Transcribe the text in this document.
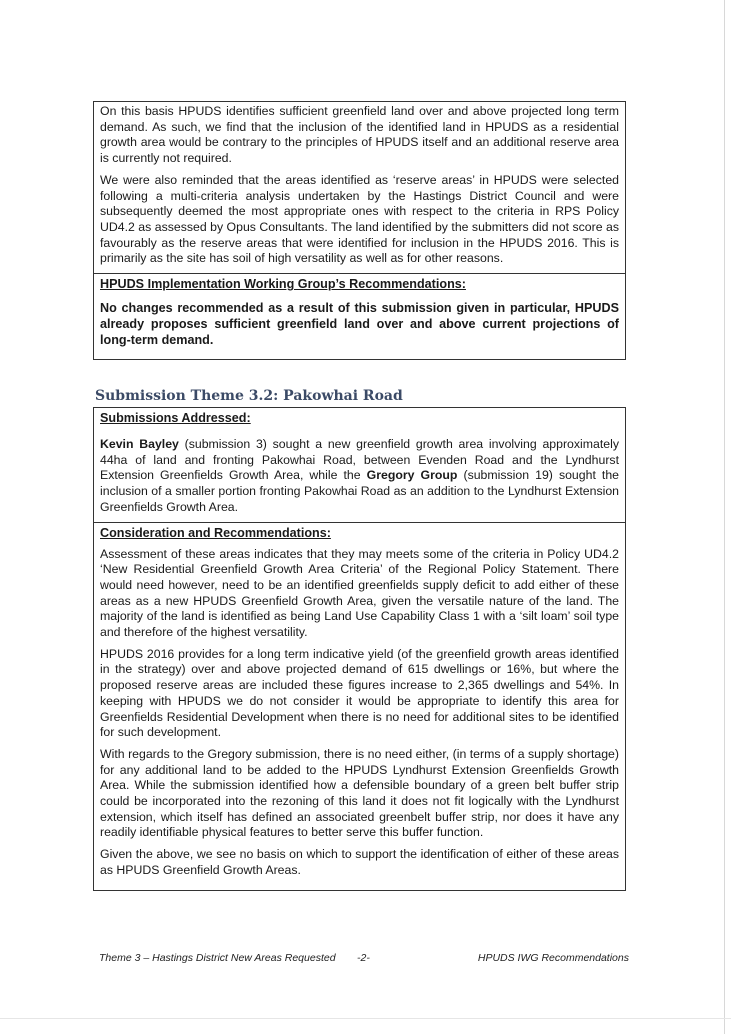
On this basis HPUDS identifies sufficient greenfield land over and above projected long term demand. As such, we find that the inclusion of the identified land in HPUDS as a residential growth area would be contrary to the principles of HPUDS itself and an additional reserve area is currently not required.

We were also reminded that the areas identified as ‘reserve areas’ in HPUDS were selected following a multi-criteria analysis undertaken by the Hastings District Council and were subsequently deemed the most appropriate ones with respect to the criteria in RPS Policy UD4.2 as assessed by Opus Consultants. The land identified by the submitters did not score as favourably as the reserve areas that were identified for inclusion in the HPUDS 2016. This is primarily as the site has soil of high versatility as well as for other reasons.

HPUDS Implementation Working Group’s Recommendations:

No changes recommended as a result of this submission given in particular, HPUDS already proposes sufficient greenfield land over and above current projections of long-term demand.

Submission Theme 3.2: Pakowhai Road
Submissions Addressed:

Kevin Bayley (submission 3) sought a new greenfield growth area involving approximately 44ha of land and fronting Pakowhai Road, between Evenden Road and the Lyndhurst Extension Greenfields Growth Area, while the Gregory Group (submission 19) sought the inclusion of a smaller portion fronting Pakowhai Road as an addition to the Lyndhurst Extension Greenfields Growth Area.

Consideration and Recommendations:

Assessment of these areas indicates that they may meets some of the criteria in Policy UD4.2 ‘New Residential Greenfield Growth Area Criteria’ of the Regional Policy Statement. There would need however, need to be an identified greenfields supply deficit to add either of these areas as a new HPUDS Greenfield Growth Area, given the versatile nature of the land. The majority of the land is identified as being Land Use Capability Class 1 with a ‘silt loam’ soil type and therefore of the highest versatility.

HPUDS 2016 provides for a long term indicative yield (of the greenfield growth areas identified in the strategy) over and above projected demand of 615 dwellings or 16%, but where the proposed reserve areas are included these figures increase to 2,365 dwellings and 54%. In keeping with HPUDS we do not consider it would be appropriate to identify this area for Greenfields Residential Development when there is no need for additional sites to be identified for such development.

With regards to the Gregory submission, there is no need either, (in terms of a supply shortage) for any additional land to be added to the HPUDS Lyndhurst Extension Greenfields Growth Area. While the submission identified how a defensible boundary of a green belt buffer strip could be incorporated into the rezoning of this land it does not fit logically with the Lyndhurst extension, which itself has defined an associated greenbelt buffer strip, nor does it have any readily identifiable physical features to better serve this buffer function.

Given the above, we see no basis on which to support the identification of either of these areas as HPUDS Greenfield Growth Areas.

Theme 3 – Hastings District New Areas Requested -2-	HPUDS IWG Recommendations
